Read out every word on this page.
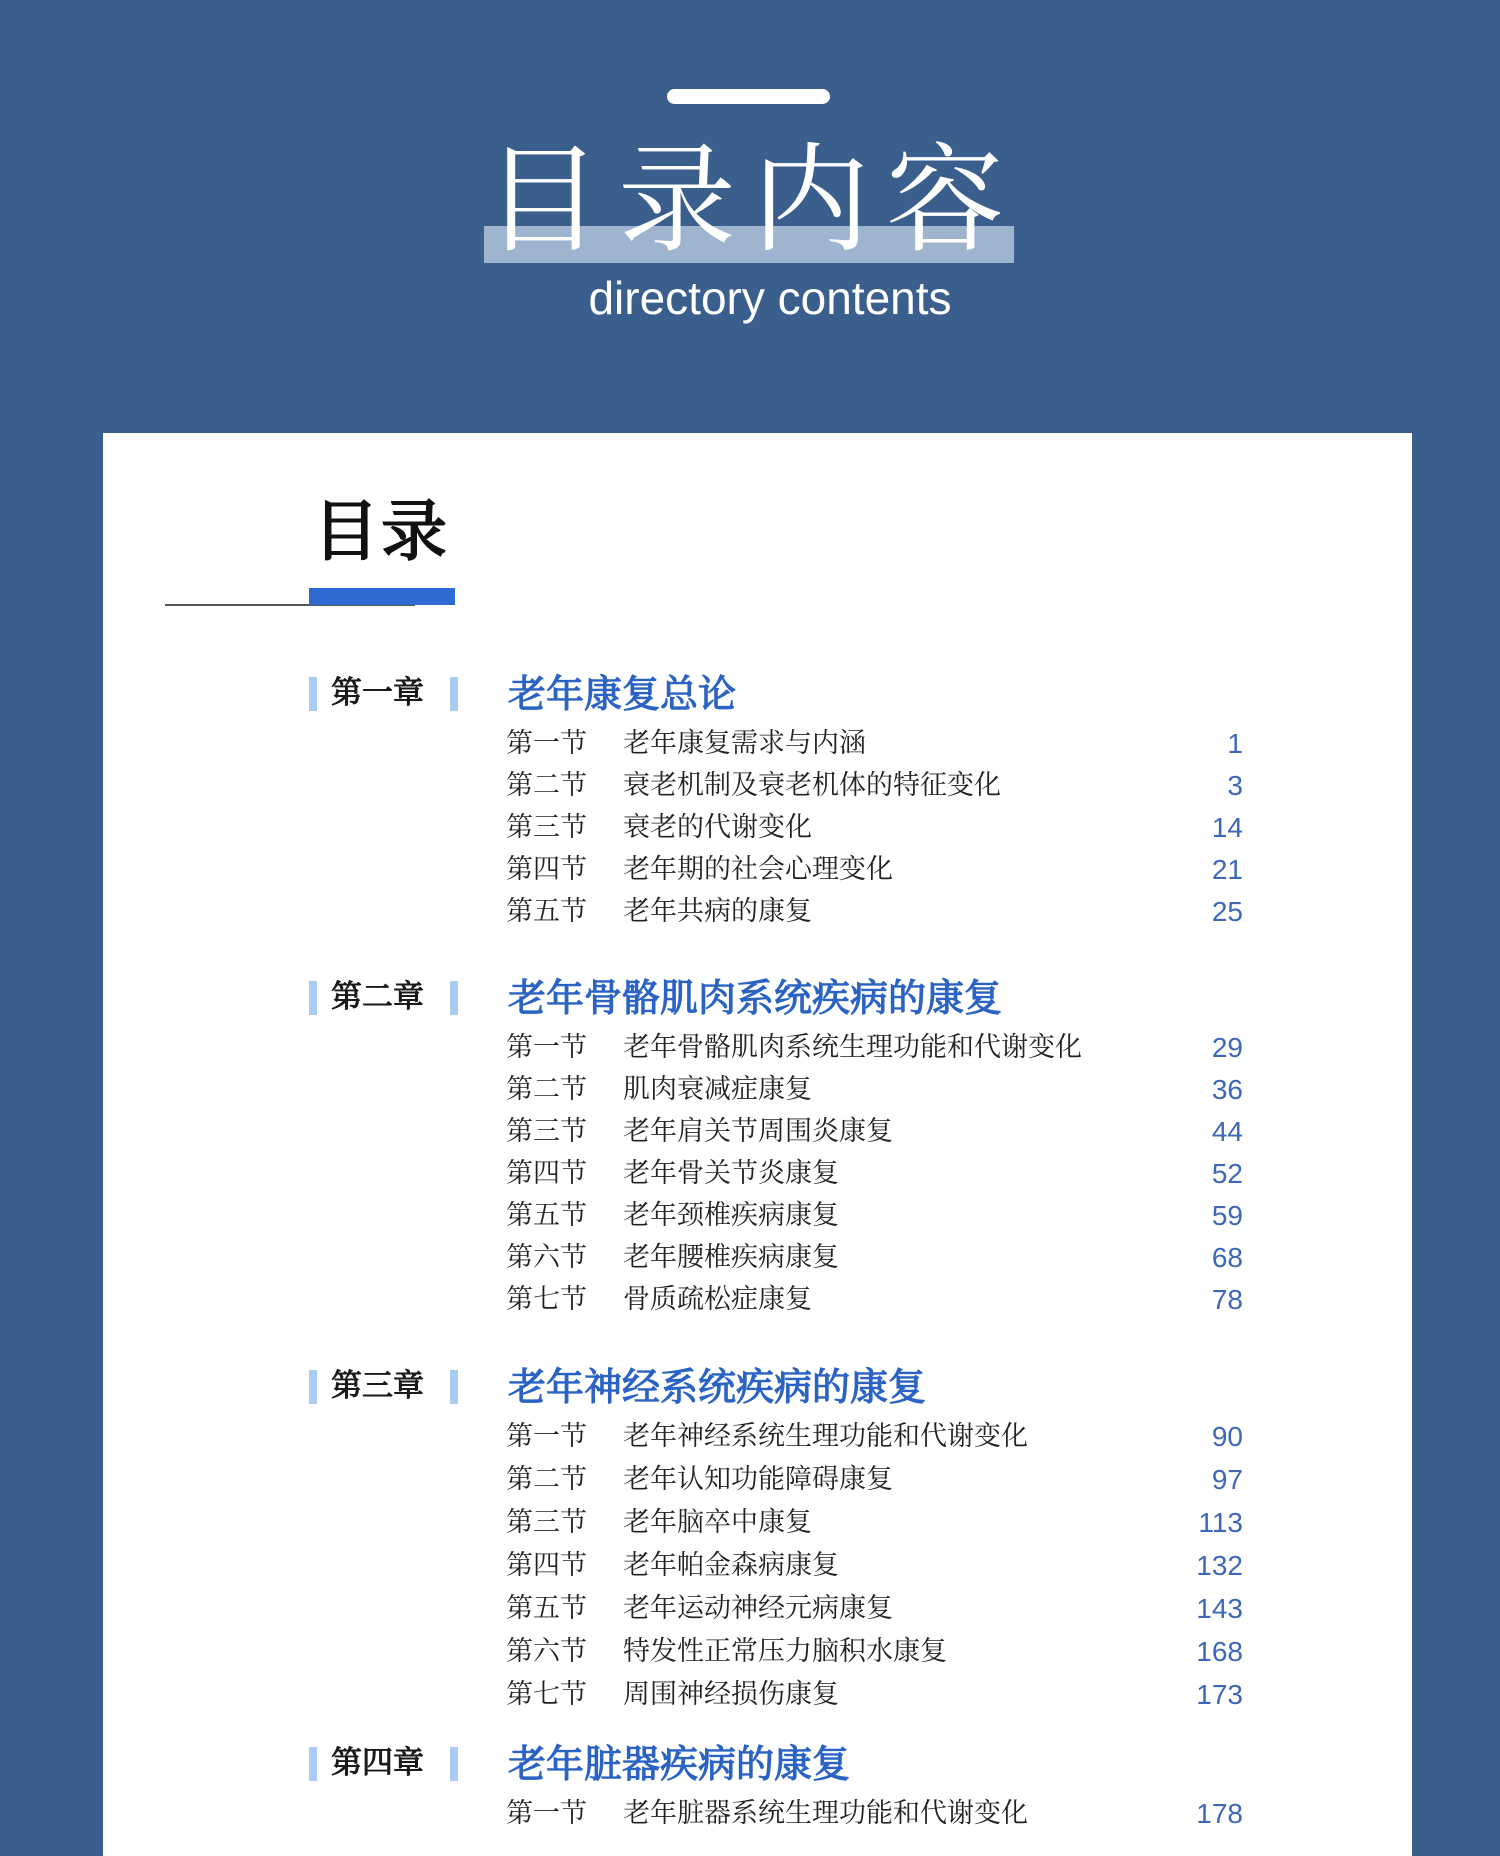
目录内容
directory contents
目录
第一章 老年康复总论
第一节 老年康复需求与内涵	1
第二节 衰老机制及衰老机体的特征变化	3
第三节 衰老的代谢变化	14
第四节 老年期的社会心理变化	21
第五节 老年共病的康复	25
第二章 老年骨骼肌肉系统疾病的康复
第一节 老年骨骼肌肉系统生理功能和代谢变化	29
第二节 肌肉衰减症康复	36
第三节 老年肩关节周围炎康复	44
第四节 老年骨关节炎康复	52
第五节 老年颈椎疾病康复	59
第六节 老年腰椎疾病康复	68
第七节 骨质疏松症康复	78
第三章 老年神经系统疾病的康复
第一节 老年神经系统生理功能和代谢变化	90
第二节 老年认知功能障碍康复	97
第三节 老年脑卒中康复	113
第四节 老年帕金森病康复	132
第五节 老年运动神经元病康复	143
第六节 特发性正常压力脑积水康复	168
第七节 周围神经损伤康复	173
第四章 老年脏器疾病的康复
第一节 老年脏器系统生理功能和代谢变化	178
